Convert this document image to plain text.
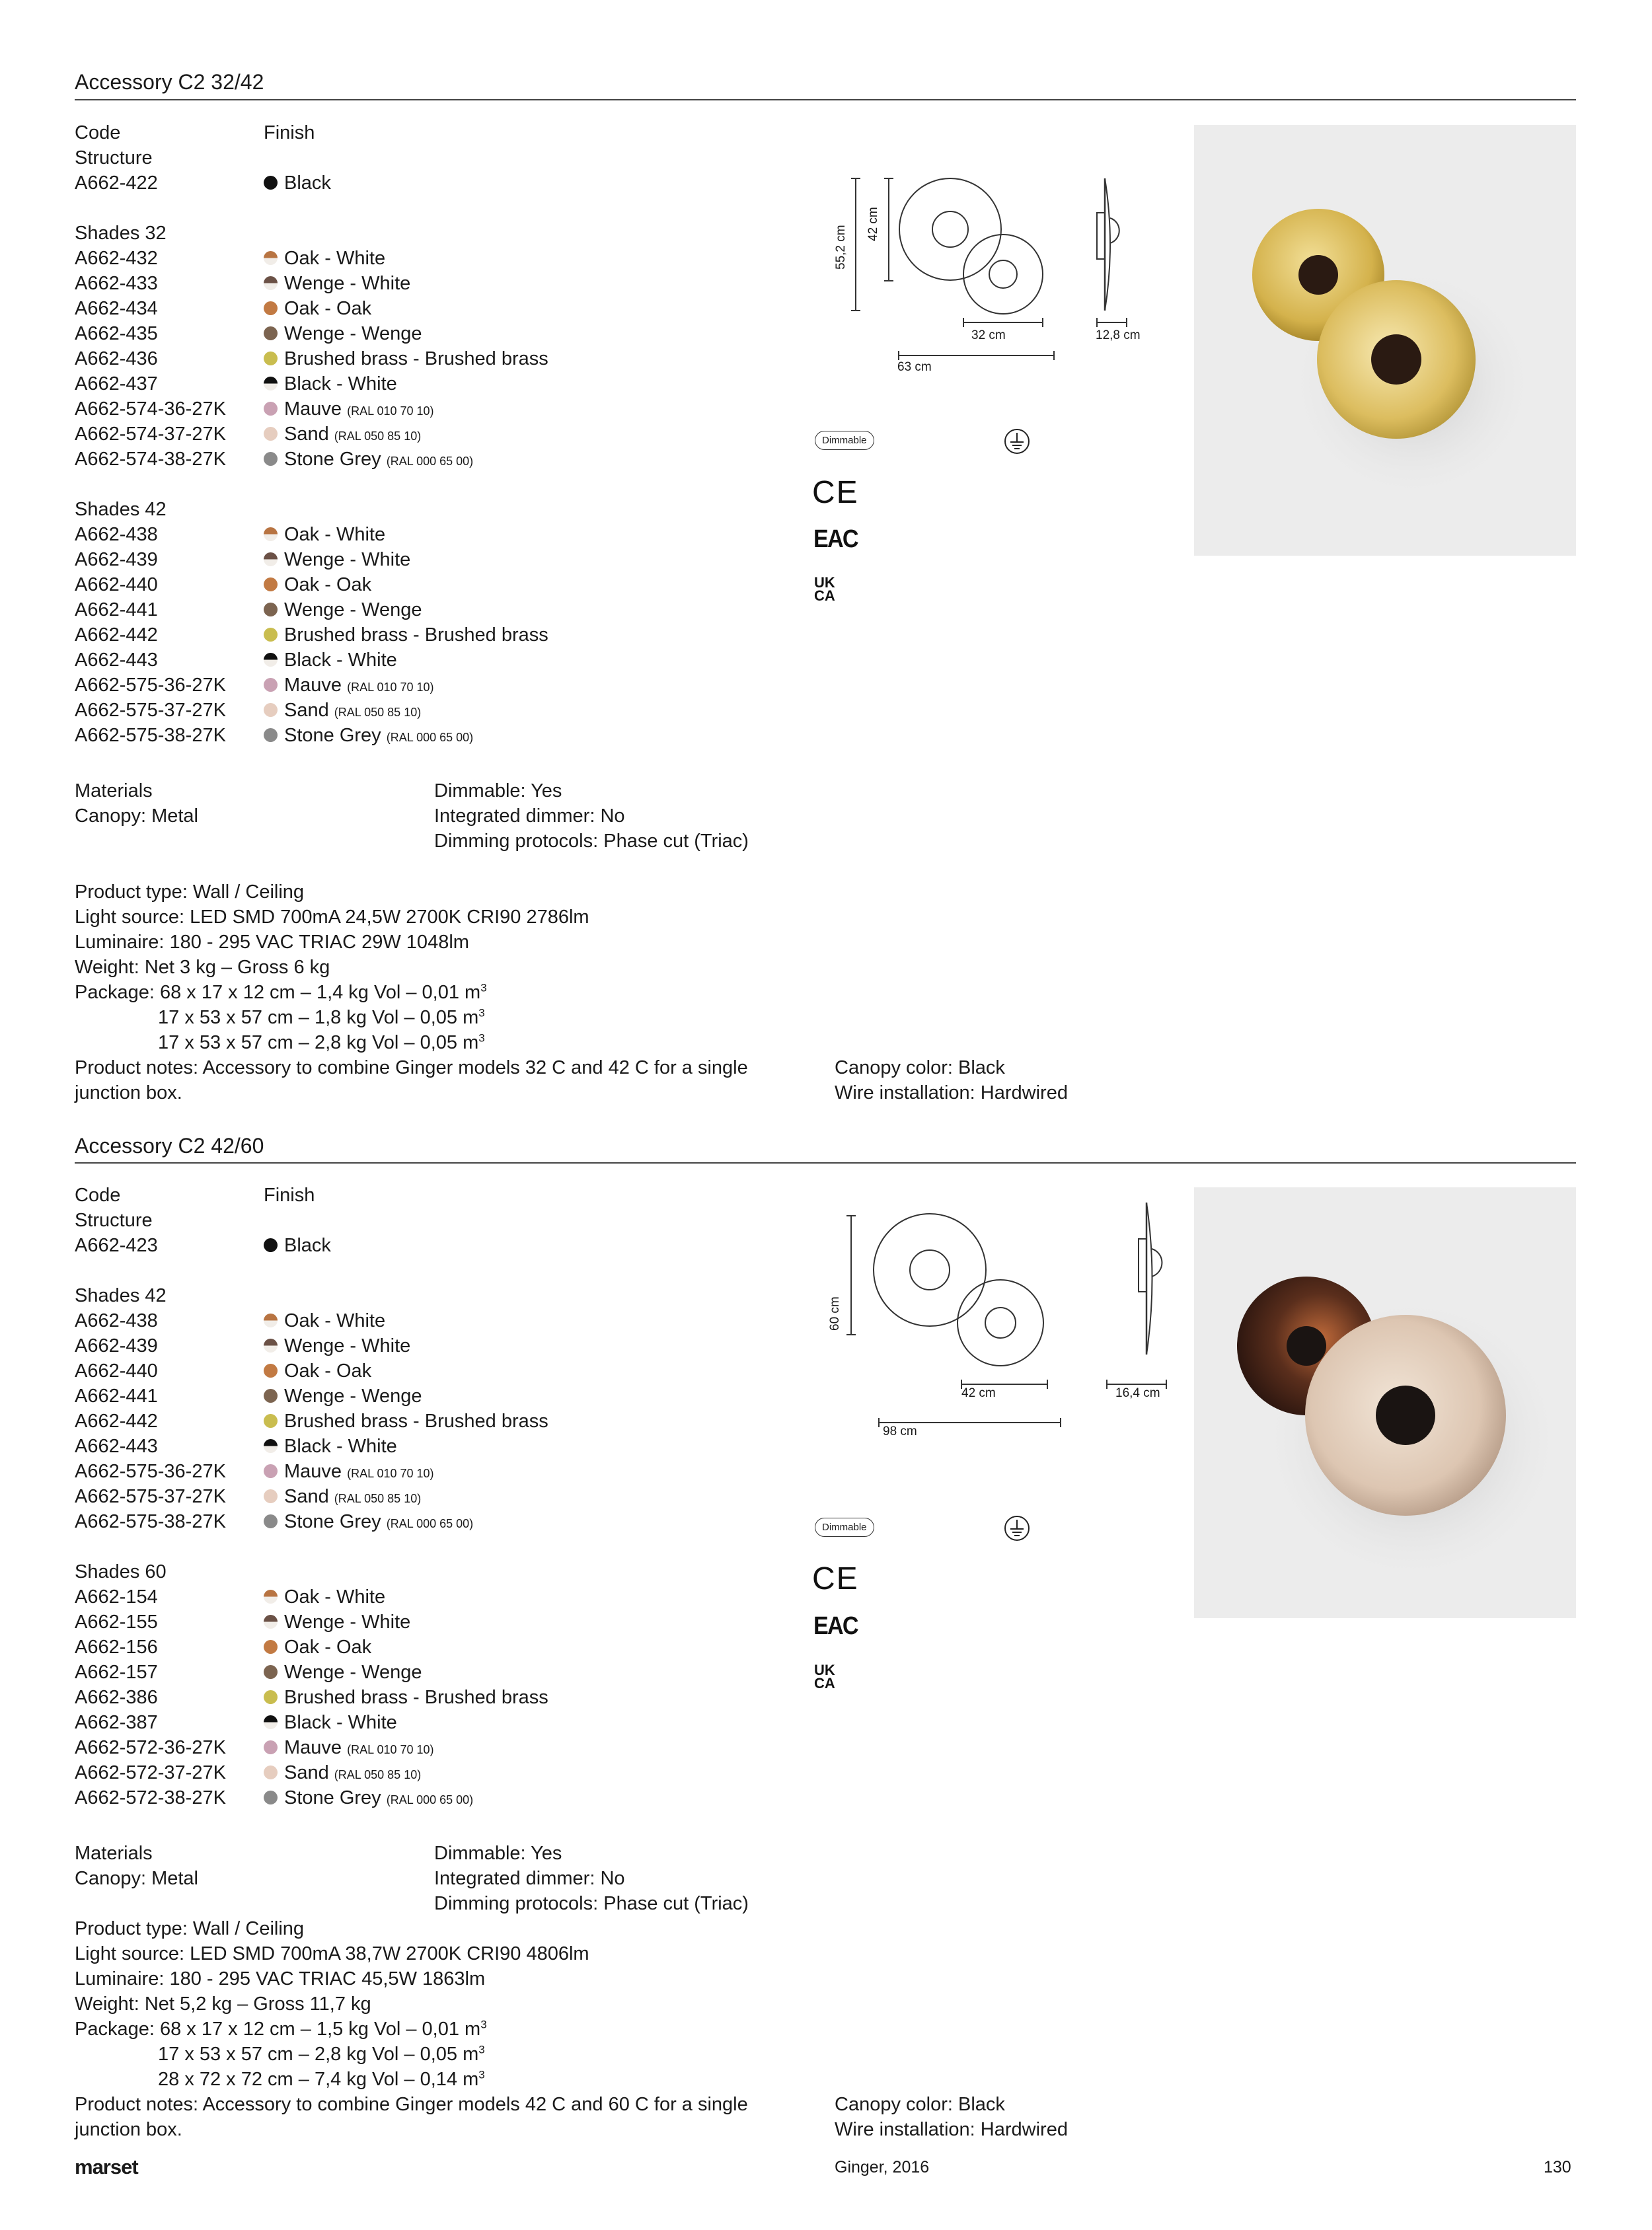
Accessory C2 32/42
Code
Structure
A662-422
Shades 32
A662-432
A662-433
A662-434
A662-435
A662-436
A662-437
A662-574-36-27K
A662-574-37-27K
A662-574-38-27K
Shades 42
A662-438
A662-439
A662-440
A662-441
A662-442
A662-443
A662-575-36-27K
A662-575-37-27K
A662-575-38-27K
Finish
Black
Oak - White
Wenge - White
Oak - Oak
Wenge - Wenge
Brushed brass - Brushed brass
Black - White
Mauve (RAL 010 70 10)
Sand (RAL 050 85 10)
Stone Grey (RAL 000 65 00)
Oak - White
Wenge - White
Oak - Oak
Wenge - Wenge
Brushed brass - Brushed brass
Black - White
Mauve (RAL 010 70 10)
Sand (RAL 050 85 10)
Stone Grey (RAL 000 65 00)
Materials
Canopy: Metal
Dimmable: Yes
Integrated dimmer: No
Dimming protocols: Phase cut (Triac)
Product type: Wall / Ceiling
Light source: LED SMD 700mA 24,5W 2700K CRI90 2786lm
Luminaire: 180 - 295 VAC TRIAC 29W 1048lm
Weight: Net 3 kg – Gross 6 kg
Package: 68 x 17 x 12 cm – 1,4 kg Vol – 0,01 $m^3$
17 x 53 x 57 cm – 1,8 kg Vol – 0,05 $m^3$
17 x 53 x 57 cm – 2,8 kg Vol – 0,05 $m^3$
Product notes: Accessory to combine Ginger models 32 C and 42 C for a single
junction box.
Canopy color: Black
Wire installation: Hardwired
55,2 cm
42 cm
32 cm
63 cm
12,8 cm
Dimmable
CE
EAC
UK
CA
Accessory C2 42/60
Code
Structure
A662-423
Shades 42
A662-438
A662-439
A662-440
A662-441
A662-442
A662-443
A662-575-36-27K
A662-575-37-27K
A662-575-38-27K
Shades 60
A662-154
A662-155
A662-156
A662-157
A662-386
A662-387
A662-572-36-27K
A662-572-37-27K
A662-572-38-27K
Finish
Black
Oak - White
Wenge - White
Oak - Oak
Wenge - Wenge
Brushed brass - Brushed brass
Black - White
Mauve (RAL 010 70 10)
Sand (RAL 050 85 10)
Stone Grey (RAL 000 65 00)
Oak - White
Wenge - White
Oak - Oak
Wenge - Wenge
Brushed brass - Brushed brass
Black - White
Mauve (RAL 010 70 10)
Sand (RAL 050 85 10)
Stone Grey (RAL 000 65 00)
Materials
Canopy: Metal
Dimmable: Yes
Integrated dimmer: No
Dimming protocols: Phase cut (Triac)
Product type: Wall / Ceiling
Light source: LED SMD 700mA 38,7W 2700K CRI90 4806lm
Luminaire: 180 - 295 VAC TRIAC 45,5W 1863lm
Weight: Net 5,2 kg – Gross 11,7 kg
Package: 68 x 17 x 12 cm – 1,5 kg Vol – 0,01 $m^3$
17 x 53 x 57 cm – 2,8 kg Vol – 0,05 $m^3$
28 x 72 x 72 cm – 7,4 kg Vol – 0,14 $m^3$
Product notes: Accessory to combine Ginger models 42 C and 60 C for a single
junction box.
Canopy color: Black
Wire installation: Hardwired
60 cm
42 cm
98 cm
16,4 cm
Dimmable
CE
EAC
UK
CA
marset	Ginger, 2016	130
